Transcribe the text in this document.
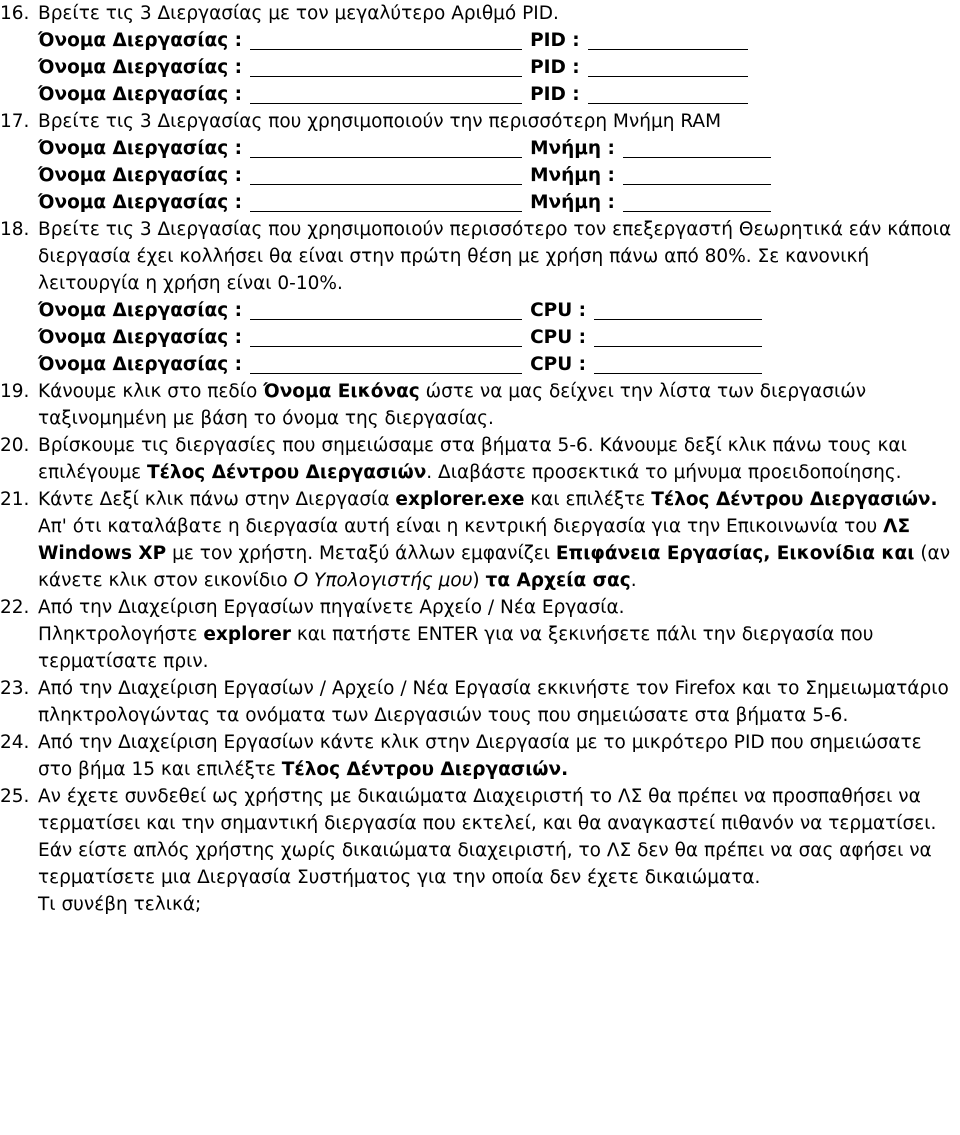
16. Βρείτε τις 3 Διεργασίας με τον μεγαλύτερο Αριθμό PID.

Όνομα Διεργασίας :	PID :
Όνομα Διεργασίας :	PID :
Όνομα Διεργασίας :	PID :
17. Βρείτε τις 3 Διεργασίας που χρησιμοποιούν την περισσότερη Μνήμη RAM

Όνομα Διεργασίας :	Μνήμη :
Όνομα Διεργασίας :	Μνήμη :
Όνομα Διεργασίας :	Μνήμη :
18. Βρείτε τις 3 Διεργασίας που χρησιμοποιούν περισσότερο τον επεξεργαστή Θεωρητικά εάν κάποια διεργασία έχει κολλήσει θα είναι στην πρώτη θέση με χρήση πάνω από 80%. Σε κανονική λειτουργία η χρήση είναι 0-10%.

Όνομα Διεργασίας :	CPU :
Όνομα Διεργασίας :	CPU :
Όνομα Διεργασίας :	CPU :
19. Κάνουμε κλικ στο πεδίο Όνομα Εικόνας ώστε να μας δείχνει την λίστα των διεργασιών ταξινομημένη με βάση το όνομα της διεργασίας.

20. Βρίσκουμε τις διεργασίες που σημειώσαμε στα βήματα 5-6. Κάνουμε δεξί κλικ πάνω τους και επιλέγουμε Τέλος Δέντρου Διεργασιών. Διαβάστε προσεκτικά το μήνυμα προειδοποίησης.

21. Κάντε Δεξί κλικ πάνω στην Διεργασία explorer.exe και επιλέξτε Τέλος Δέντρου Διεργασιών.

Απ' ότι καταλάβατε η διεργασία αυτή είναι η κεντρική διεργασία για την Επικοινωνία του ΛΣ Windows XP με τον χρήστη. Μεταξύ άλλων εμφανίζει Επιφάνεια Εργασίας, Εικονίδια και (αν κάνετε κλικ στον εικονίδιο Ο Υπολογιστής μου) τα Αρχεία σας.

22. Από την Διαχείριση Εργασίων πηγαίνετε Αρχείο / Νέα Εργασία.

Πληκτρολογήστε explorer και πατήστε ENTER για να ξεκινήσετε πάλι την διεργασία που τερματίσατε πριν.

23. Από την Διαχείριση Εργασίων / Αρχείο / Νέα Εργασία εκκινήστε τον Firefox και το Σημειωματάριο πληκτρολογώντας τα ονόματα των Διεργασιών τους που σημειώσατε στα βήματα 5-6.

24. Από την Διαχείριση Εργασίων κάντε κλικ στην Διεργασία με το μικρότερο PID που σημειώσατε στο βήμα 15 και επιλέξτε Τέλος Δέντρου Διεργασιών.

25. Αν έχετε συνδεθεί ως χρήστης με δικαιώματα Διαχειριστή το ΛΣ θα πρέπει να προσπαθήσει να τερματίσει και την σημαντική διεργασία που εκτελεί, και θα αναγκαστεί πιθανόν να τερματίσει.

Εάν είστε απλός χρήστης χωρίς δικαιώματα διαχειριστή, το ΛΣ δεν θα πρέπει να σας αφήσει να τερματίσετε μια Διεργασία Συστήματος για την οποία δεν έχετε δικαιώματα.

Τι συνέβη τελικά;
